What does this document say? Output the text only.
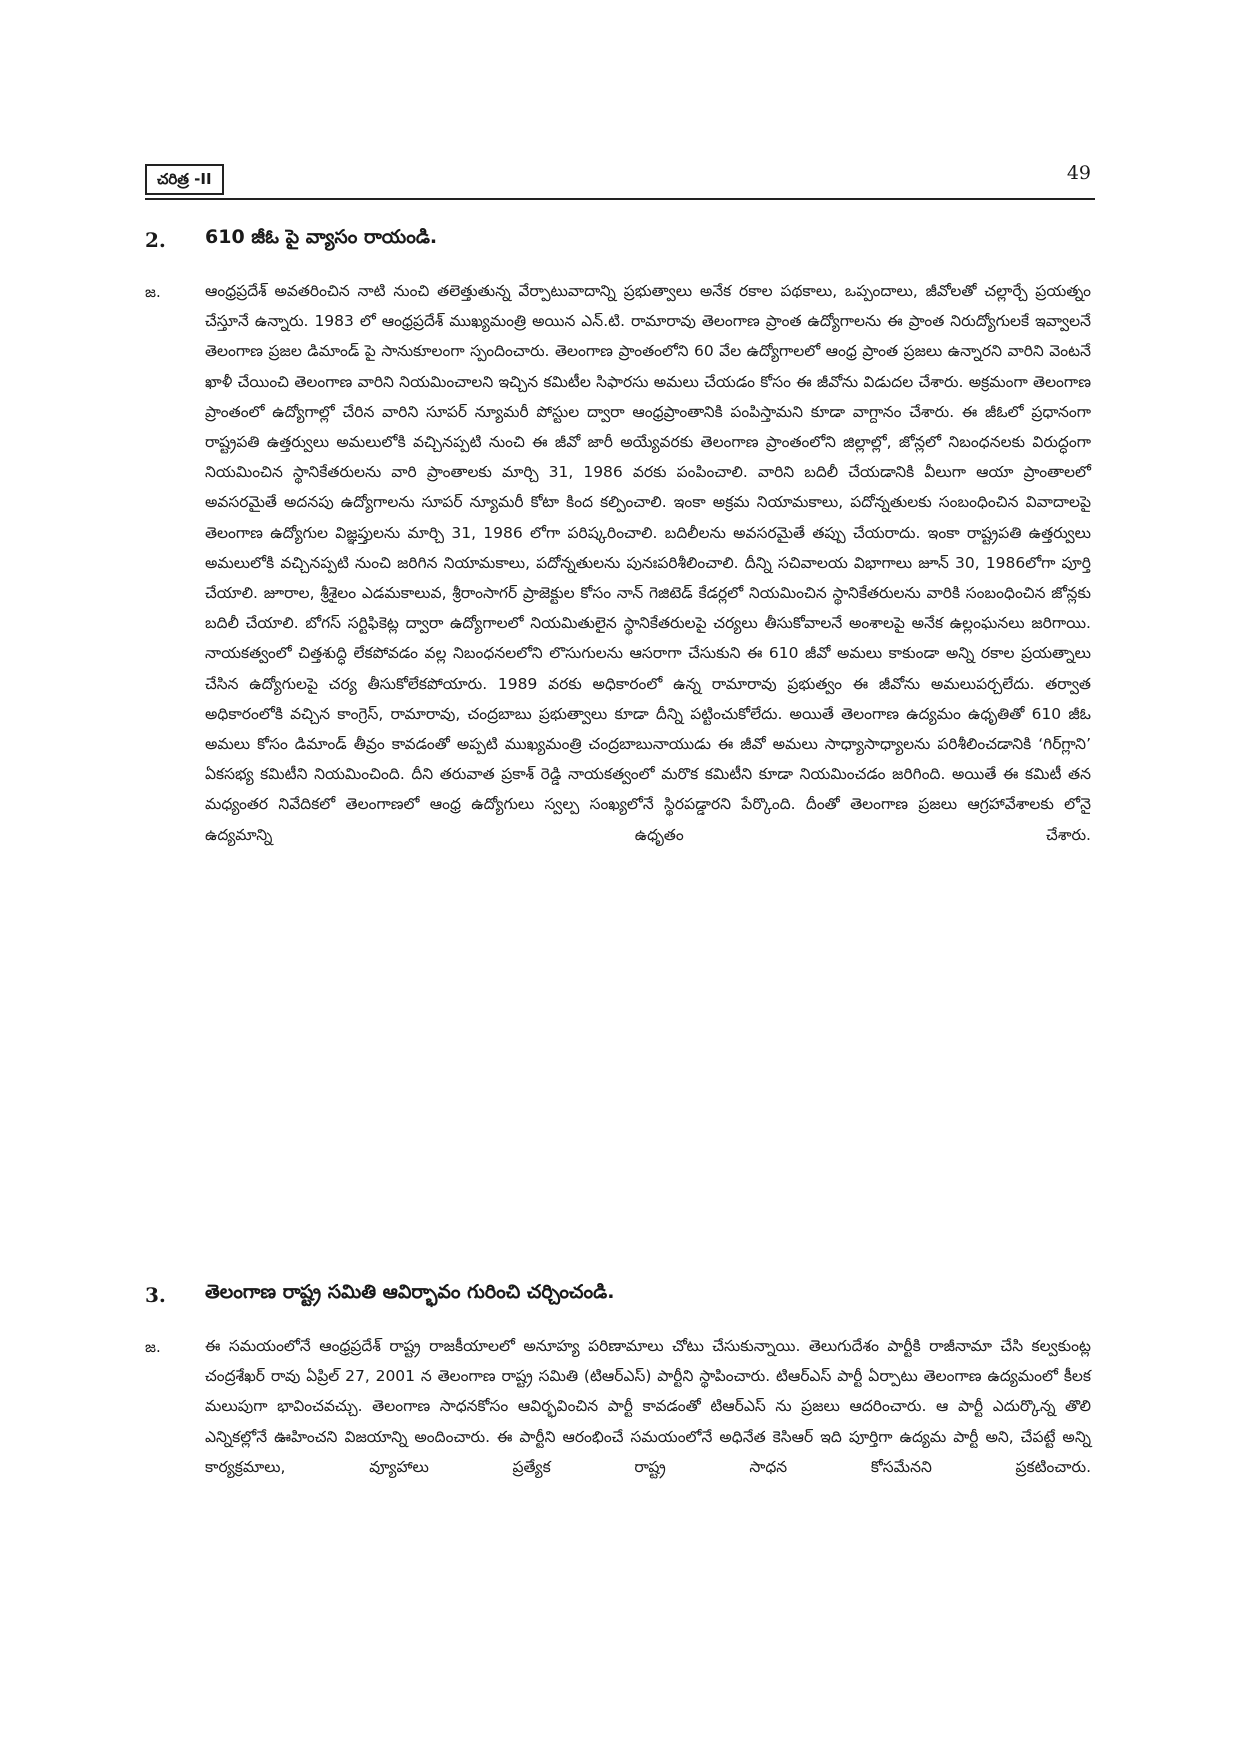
చరిత్ర -II	49
2. 610 జీఓ పై వ్యాసం రాయండి.
జ.	ఆంధ్రప్రదేశ్ అవతరించిన నాటి నుంచి తలెత్తుతున్న వేర్పాటువాదాన్ని ప్రభుత్వాలు అనేక రకాల పథకాలు, ఒప్పందాలు, జీవోలతో చల్లార్చే ప్రయత్నం చేస్తూనే ఉన్నారు. 1983 లో ఆంధ్రప్రదేశ్ ముఖ్యమంత్రి అయిన ఎన్.టి. రామారావు తెలంగాణ ప్రాంత ఉద్యోగాలను ఈ ప్రాంత నిరుద్యోగులకే ఇవ్వాలనే తెలంగాణ ప్రజల డిమాండ్ పై సానుకూలంగా స్పందించారు. తెలంగాణ ప్రాంతంలోని 60 వేల ఉద్యోగాలలో ఆంధ్ర ప్రాంత ప్రజలు ఉన్నారని వారిని వెంటనే ఖాళీ చేయించి తెలంగాణ వారిని నియమించాలని ఇచ్చిన కమిటీల సిఫారసు అమలు చేయడం కోసం ఈ జీవోను విడుదల చేశారు. అక్రమంగా తెలంగాణ ప్రాంతంలో ఉద్యోగాల్లో చేరిన వారిని సూపర్ న్యూమరీ పోస్టుల ద్వారా ఆంధ్రప్రాంతానికి పంపిస్తామని కూడా వాగ్దానం చేశారు. ఈ జీఓలో ప్రధానంగా రాష్ట్రపతి ఉత్తర్వులు అమలులోకి వచ్చినప్పటి నుంచి ఈ జీవో జారీ అయ్యేవరకు తెలంగాణ ప్రాంతంలోని జిల్లాల్లో, జోన్లలో నిబంధనలకు విరుద్ధంగా నియమించిన స్థానికేతరులను వారి ప్రాంతాలకు మార్చి 31, 1986 వరకు పంపించాలి. వారిని బదిలీ చేయడానికి వీలుగా ఆయా ప్రాంతాలలో అవసరమైతే అదనపు ఉద్యోగాలను సూపర్ న్యూమరీ కోటా కింద కల్పించాలి. ఇంకా అక్రమ నియామకాలు, పదోన్నతులకు సంబంధించిన వివాదాలపై తెలంగాణ ఉద్యోగుల విజ్ఞప్తులను మార్చి 31, 1986 లోగా పరిష్కరించాలి. బదిలీలను అవసరమైతే తప్పు చేయరాదు. ఇంకా రాష్ట్రపతి ఉత్తర్వులు అమలులోకి వచ్చినప్పటి నుంచి జరిగిన నియామకాలు, పదోన్నతులను పునఃపరిశీలించాలి. దీన్ని సచివాలయ విభాగాలు జూన్ 30, 1986లోగా పూర్తి చేయాలి. జూరాల, శ్రీశైలం ఎడమకాలువ, శ్రీరాంసాగర్ ప్రాజెక్టుల కోసం నాన్ గెజిటెడ్ కేడర్లలో నియమించిన స్థానికేతరులను వారికి సంబంధించిన జోన్లకు బదిలీ చేయాలి. బోగస్ సర్టిఫికెట్ల ద్వారా ఉద్యోగాలలో నియమితులైన స్థానికేతరులపై చర్యలు తీసుకోవాలనే అంశాలపై అనేక ఉల్లంఘనలు జరిగాయి. నాయకత్వంలో చిత్తశుద్ధి లేకపోవడం వల్ల నిబంధనలలోని లొసుగులను ఆసరాగా చేసుకుని ఈ 610 జీవో అమలు కాకుండా అన్ని రకాల ప్రయత్నాలు చేసిన ఉద్యోగులపై చర్య తీసుకోలేకపోయారు. 1989 వరకు అధికారంలో ఉన్న రామారావు ప్రభుత్వం ఈ జీవోను అమలుపర్చలేదు. తర్వాత అధికారంలోకి వచ్చిన కాంగ్రెస్, రామారావు, చంద్రబాబు ప్రభుత్వాలు కూడా దీన్ని పట్టించుకోలేదు. అయితే తెలంగాణ ఉద్యమం ఉధృతితో 610 జీఓ అమలు కోసం డిమాండ్ తీవ్రం కావడంతో అప్పటి ముఖ్యమంత్రి చంద్రబాబునాయుడు ఈ జీవో అమలు సాధ్యాసాధ్యాలను పరిశీలించడానికి ‘గిర్‌గ్లాని’ ఏకసభ్య కమిటీని నియమించింది. దీని తరువాత ప్రకాశ్ రెడ్డి నాయకత్వంలో మరొక కమిటీని కూడా నియమించడం జరిగింది. అయితే ఈ కమిటీ తన మధ్యంతర నివేదికలో తెలంగాణలో ఆంధ్ర ఉద్యోగులు స్వల్ప సంఖ్యలోనే స్థిరపడ్డారని పేర్కొంది. దీంతో తెలంగాణ ప్రజలు ఆగ్రహావేశాలకు లోనై ఉద్యమాన్ని ఉధృతం చేశారు.

3. తెలంగాణ రాష్ట్ర సమితి ఆవిర్భావం గురించి చర్చించండి.
జ.	ఈ సమయంలోనే ఆంధ్రప్రదేశ్ రాష్ట్ర రాజకీయాలలో అనూహ్య పరిణామాలు చోటు చేసుకున్నాయి. తెలుగుదేశం పార్టీకి రాజీనామా చేసి కల్వకుంట్ల చంద్రశేఖర్ రావు ఏప్రిల్ 27, 2001 న తెలంగాణ రాష్ట్ర సమితి (టిఆర్ఎస్) పార్టీని స్థాపించారు. టిఆర్ఎస్ పార్టీ ఏర్పాటు తెలంగాణ ఉద్యమంలో కీలక మలుపుగా భావించవచ్చు. తెలంగాణ సాధనకోసం ఆవిర్భవించిన పార్టీ కావడంతో టిఆర్ఎస్ ను ప్రజలు ఆదరించారు. ఆ పార్టీ ఎదుర్కొన్న తొలి ఎన్నికల్లోనే ఊహించని విజయాన్ని అందించారు. ఈ పార్టీని ఆరంభించే సమయంలోనే అధినేత కెసిఆర్ ఇది పూర్తిగా ఉద్యమ పార్టీ అని, చేపట్టే అన్ని కార్యక్రమాలు, వ్యూహాలు ప్రత్యేక రాష్ట్ర సాధన కోసమేనని ప్రకటించారు.
